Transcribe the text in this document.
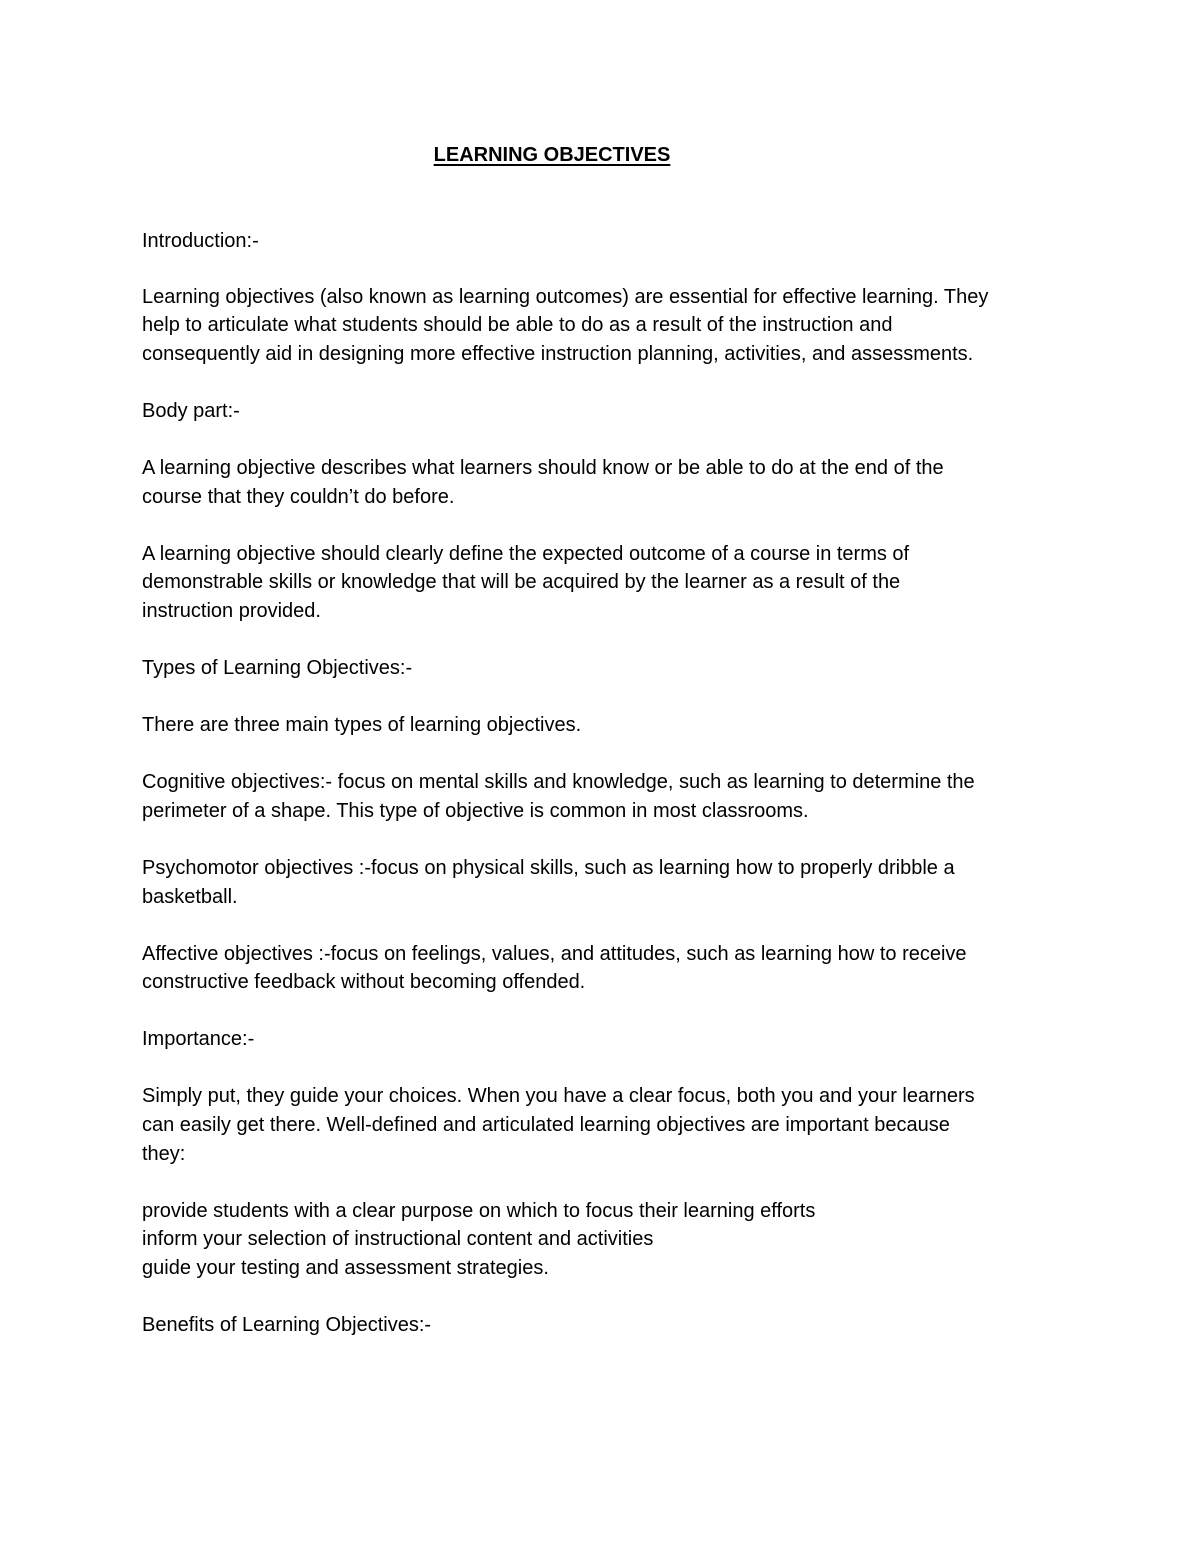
LEARNING OBJECTIVES
Introduction:-
Learning objectives (also known as learning outcomes) are essential for effective learning. They
help to articulate what students should be able to do as a result of the instruction and
consequently aid in designing more effective instruction planning, activities, and assessments.
Body part:-
A learning objective describes what learners should know or be able to do at the end of the
course that they couldn’t do before.
A learning objective should clearly define the expected outcome of a course in terms of
demonstrable skills or knowledge that will be acquired by the learner as a result of the
instruction provided.
Types of Learning Objectives:-
There are three main types of learning objectives.
Cognitive objectives:- focus on mental skills and knowledge, such as learning to determine the
perimeter of a shape. This type of objective is common in most classrooms.
Psychomotor objectives :-focus on physical skills, such as learning how to properly dribble a
basketball.
Affective objectives :-focus on feelings, values, and attitudes, such as learning how to receive
constructive feedback without becoming offended.
Importance:-
Simply put, they guide your choices. When you have a clear focus, both you and your learners
can easily get there. Well-defined and articulated learning objectives are important because
they:
provide students with a clear purpose on which to focus their learning efforts
inform your selection of instructional content and activities
guide your testing and assessment strategies.
Benefits of Learning Objectives:-
